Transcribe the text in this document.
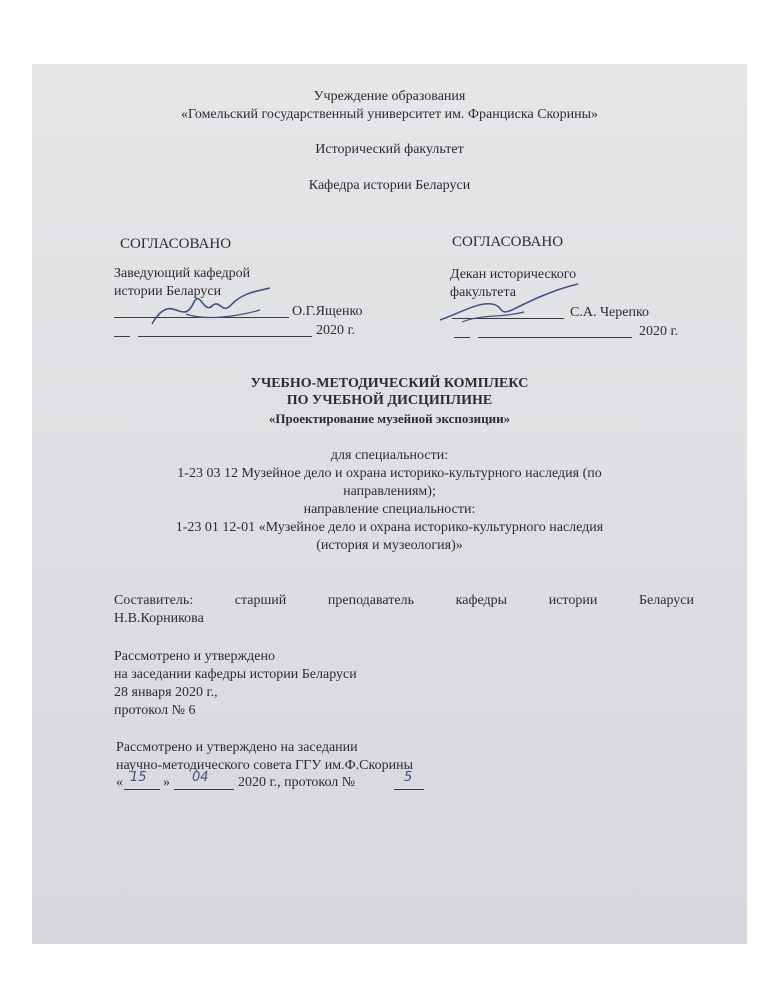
Учреждение образования
«Гомельский государственный университет им. Франциска Скорины»
Исторический факультет
Кафедра истории Беларуси
СОГЛАСОВАНО
Заведующий кафедрой
истории Беларуси
О.Г.Ященко
2020 г.
СОГЛАСОВАНО
Декан исторического
факультета
С.А. Черепко
2020 г.
УЧЕБНО-МЕТОДИЧЕСКИЙ КОМПЛЕКС
ПО УЧЕБНОЙ ДИСЦИПЛИНЕ
«Проектирование музейной экспозиции»
для специальности:
1-23 03 12 Музейное дело и охрана историко-культурного наследия (по
направлениям);
направление специальности:
1-23 01 12-01 «Музейное дело и охрана историко-культурного наследия
(история и музеология)»
Составитель:	старший	преподаватель	кафедры	истории	Беларуси
Н.В.Корникова
Рассмотрено и утверждено
на заседании кафедры истории Беларуси
28 января 2020 г.,
протокол № 6
Рассмотрено и утверждено на заседании
научно-методического совета ГГУ им.Ф.Скорины
« 15 » 04 2020 г., протокол №	5
